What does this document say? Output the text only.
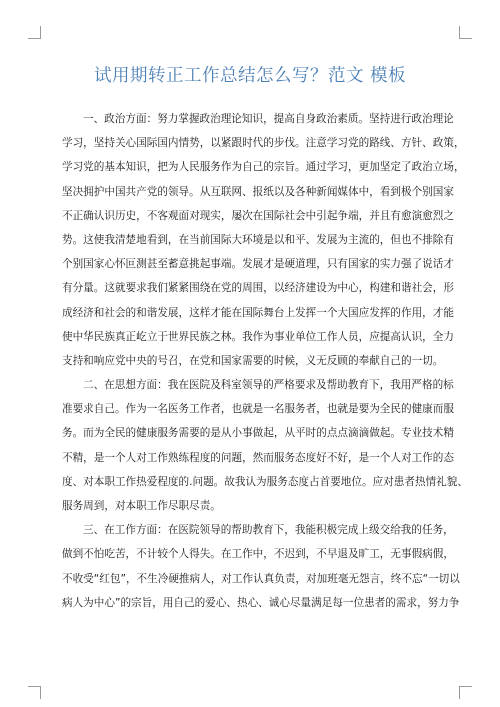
试用期转正工作总结怎么写？范文 模板
一、政治方面：努力掌握政治理论知识，提高自身政治素质。坚持进行政治理论
学习，坚持关心国际国内情势，以紧跟时代的步伐。注意学习党的路线、方针、政策，
学习党的基本知识，把为人民服务作为自己的宗旨。通过学习，更加坚定了政治立场，
坚决拥护中国共产党的领导。从互联网、报纸以及各种新闻媒体中，看到极个别国家
不正确认识历史，不客观面对现实，屡次在国际社会中引起争端，并且有愈演愈烈之
势。这使我清楚地看到，在当前国际大环境是以和平、发展为主流的，但也不排除有
个别国家心怀叵测甚至蓄意挑起事端。发展才是硬道理，只有国家的实力强了说话才
有分量。这就要求我们紧紧围绕在党的周围，以经济建设为中心，构建和谐社会，形
成经济和社会的和谐发展，这样才能在国际舞台上发挥一个大国应发挥的作用，才能
使中华民族真正屹立于世界民族之林。我作为事业单位工作人员，应提高认识，全力
支持和响应党中央的号召，在党和国家需要的时候，义无反顾的奉献自己的一切。
二、在思想方面：我在医院及科室领导的严格要求及帮助教育下，我用严格的标
准要求自己。作为一名医务工作者，也就是一名服务者，也就是要为全民的健康而服
务。而为全民的健康服务需要的是从小事做起，从平时的点点滴滴做起。专业技术精
不精，是一个人对工作熟练程度的问题，然而服务态度好不好，是一个人对工作的态
度、对本职工作热爱程度的.问题。故我认为服务态度占首要地位。应对患者热情礼貌、
服务周到，对本职工作尽职尽责。
三、在工作方面：在医院领导的帮助教育下，我能积极完成上级交给我的任务，
做到不怕吃苦，不计较个人得失。在工作中，不迟到，不早退及旷工，无事假病假，
不收受“红包”，不生冷硬推病人，对工作认真负责，对加班毫无怨言，终不忘“一切以
病人为中心”的宗旨，用自己的爱心、热心、诚心尽量满足每一位患者的需求，努力争
